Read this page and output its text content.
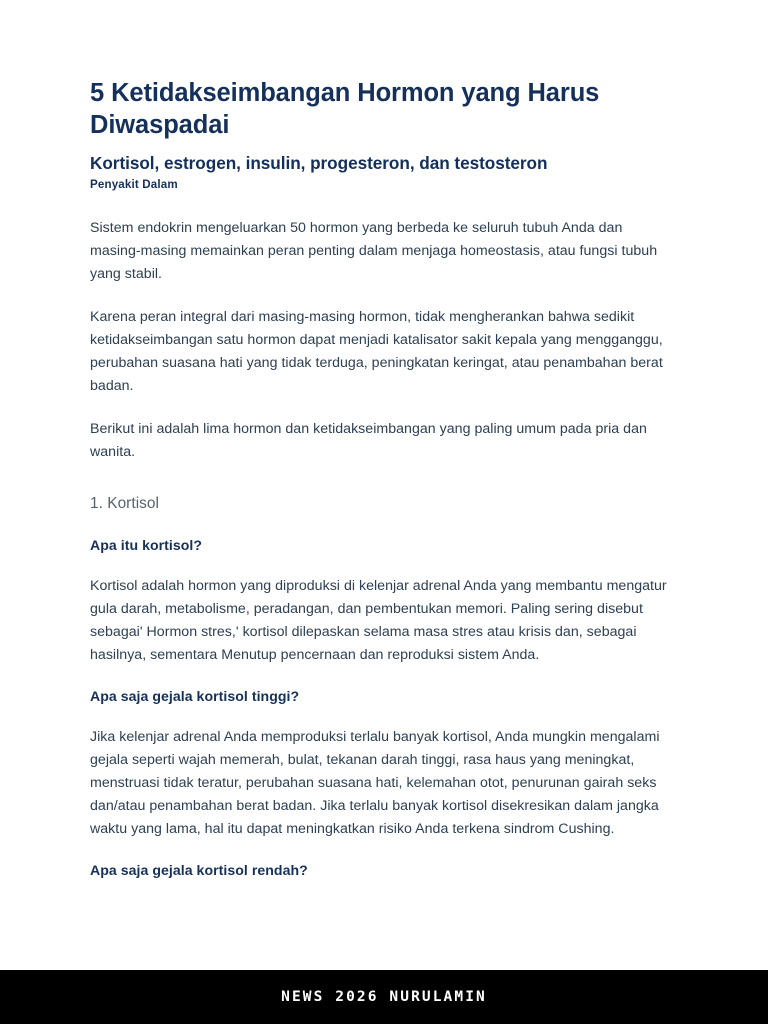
5 Ketidakseimbangan Hormon yang Harus Diwaspadai
Kortisol, estrogen, insulin, progesteron, dan testosteron
Penyakit Dalam

Sistem endokrin mengeluarkan 50 hormon yang berbeda ke seluruh tubuh Anda dan masing-masing memainkan peran penting dalam menjaga homeostasis, atau fungsi tubuh yang stabil.

Karena peran integral dari masing-masing hormon, tidak mengherankan bahwa sedikit ketidakseimbangan satu hormon dapat menjadi katalisator sakit kepala yang mengganggu, perubahan suasana hati yang tidak terduga, peningkatan keringat, atau penambahan berat badan.

Berikut ini adalah lima hormon dan ketidakseimbangan yang paling umum pada pria dan wanita.

1. Kortisol
Apa itu kortisol?

Kortisol adalah hormon yang diproduksi di kelenjar adrenal Anda yang membantu mengatur gula darah, metabolisme, peradangan, dan pembentukan memori. Paling sering disebut sebagai' Hormon stres,' kortisol dilepaskan selama masa stres atau krisis dan, sebagai hasilnya, sementara Menutup pencernaan dan reproduksi sistem Anda.

Apa saja gejala kortisol tinggi?

Jika kelenjar adrenal Anda memproduksi terlalu banyak kortisol, Anda mungkin mengalami gejala seperti wajah memerah, bulat, tekanan darah tinggi, rasa haus yang meningkat, menstruasi tidak teratur, perubahan suasana hati, kelemahan otot, penurunan gairah seks dan/atau penambahan berat badan. Jika terlalu banyak kortisol disekresikan dalam jangka waktu yang lama, hal itu dapat meningkatkan risiko Anda terkena sindrom Cushing.

Apa saja gejala kortisol rendah?
NEWS 2026 NURULAMIN
